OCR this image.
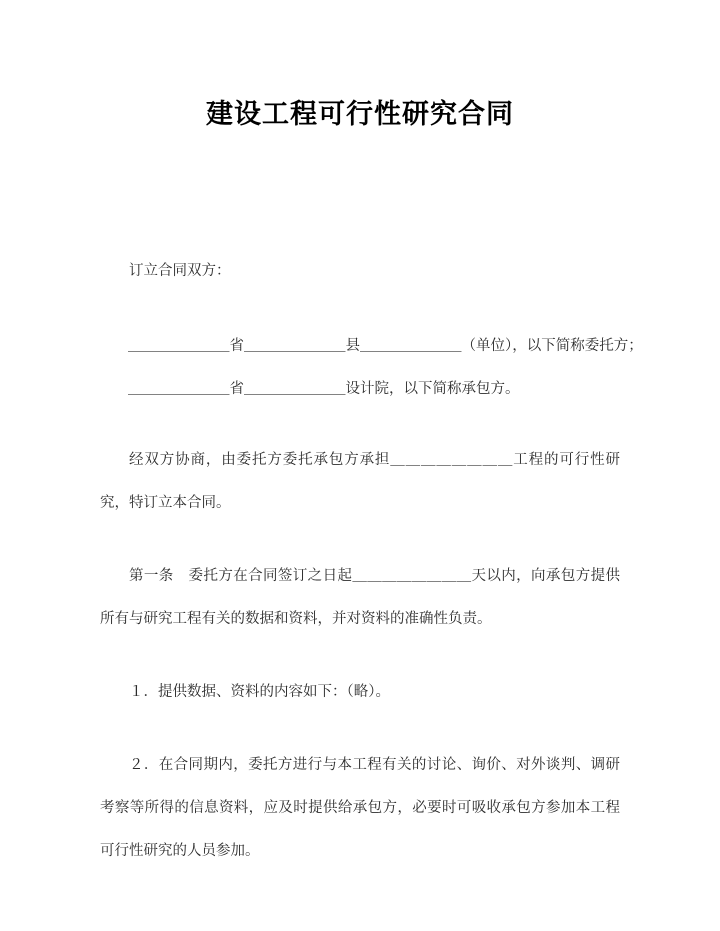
建设工程可行性研究合同

订立合同双方：

＿＿＿＿＿＿＿省＿＿＿＿＿＿＿县＿＿＿＿＿＿＿（单位），以下简称委托方；

＿＿＿＿＿＿＿省＿＿＿＿＿＿＿设计院，以下简称承包方。

经双方协商，由委托方委托承包方承担＿＿＿＿＿＿＿＿工程的可行性研究，特订立本合同。

第一条　委托方在合同签订之日起＿＿＿＿＿＿＿＿天以内，向承包方提供所有与研究工程有关的数据和资料，并对资料的准确性负责。

１．提供数据、资料的内容如下：（略）。

２．在合同期内，委托方进行与本工程有关的讨论、询价、对外谈判、调研考察等所得的信息资料，应及时提供给承包方，必要时可吸收承包方参加本工程可行性研究的人员参加。
